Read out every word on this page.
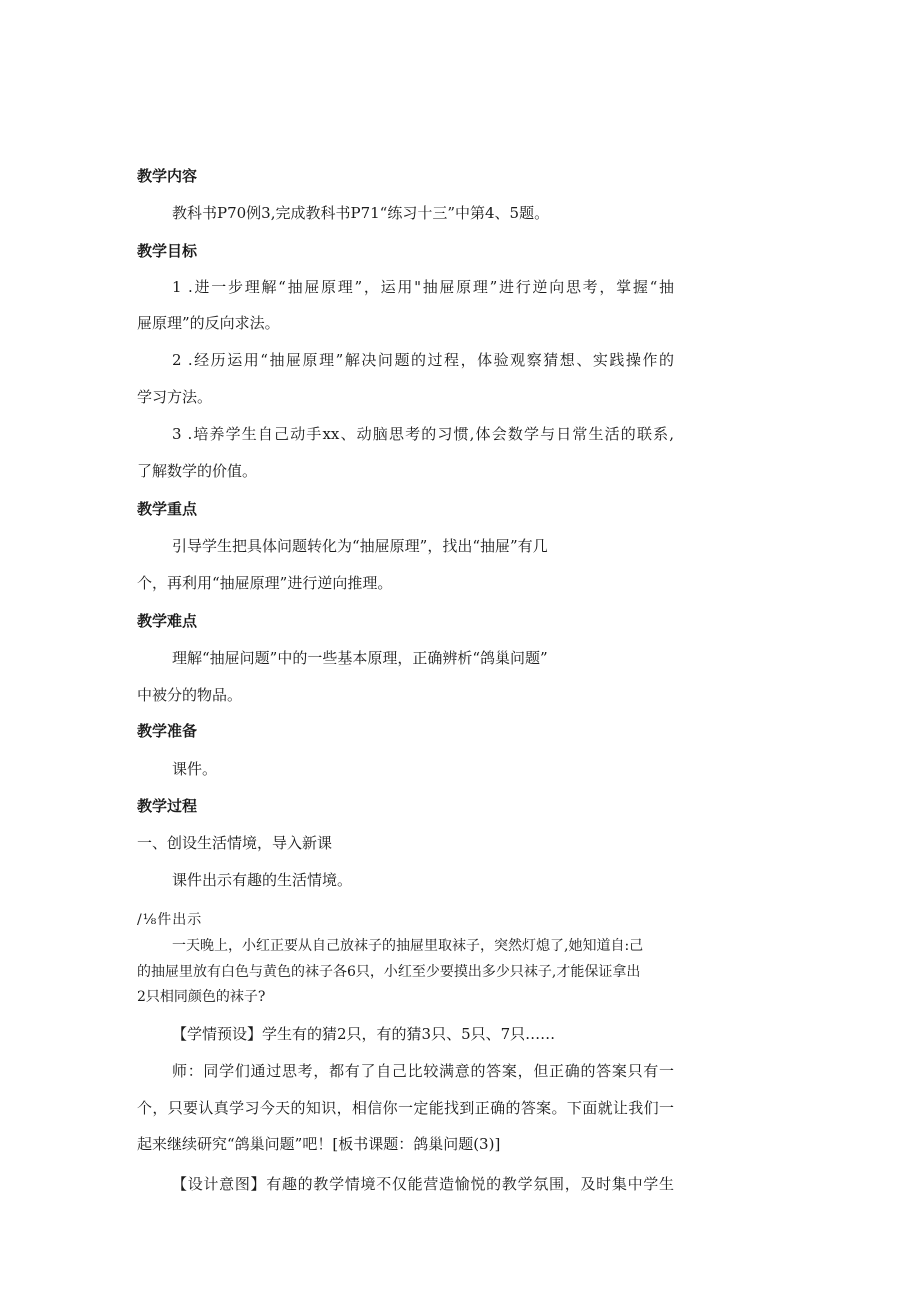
教学内容
教科书P70例3,完成教科书P71“练习十三”中第4、5题。
教学目标
1 .进一步理解“抽屉原理”，运用"抽屉原理”进行逆向思考，掌握“抽
屉原理”的反向求法。
2 .经历运用“抽屉原理”解决问题的过程，体验观察猜想、实践操作的
学习方法。
3 .培养学生自己动手xx、动脑思考的习惯,体会数学与日常生活的联系,
了解数学的价值。
教学重点
引导学生把具体问题转化为“抽屉原理”，找出“抽屉”有几
个，再利用“抽屉原理”进行逆向推理。
教学难点
理解“抽屉问题”中的一些基本原理，正确辨析“鸽巢问题”
中被分的物品。
教学准备
课件。
教学过程
一、创设生活情境，导入新课
课件出示有趣的生活情境。
/⅛件出示
一天晚上，小红正要从自己放袜子的抽屉里取袜子，突然灯熄了,她知道自:己
的抽屉里放有白色与黄色的袜子各6只，小红至少要摸出多少只袜子,才能保证拿出
2只相同颜色的袜子?
【学情预设】学生有的猜2只，有的猜3只、5只、7只……
师：同学们通过思考，都有了自己比较满意的答案，但正确的答案只有一
个，只要认真学习今天的知识，相信你一定能找到正确的答案。下面就让我们一
起来继续研究“鸽巢问题”吧！[板书课题：鸽巢问题(3)]
【设计意图】有趣的教学情境不仅能营造愉悦的教学氛围，及时集中学生
